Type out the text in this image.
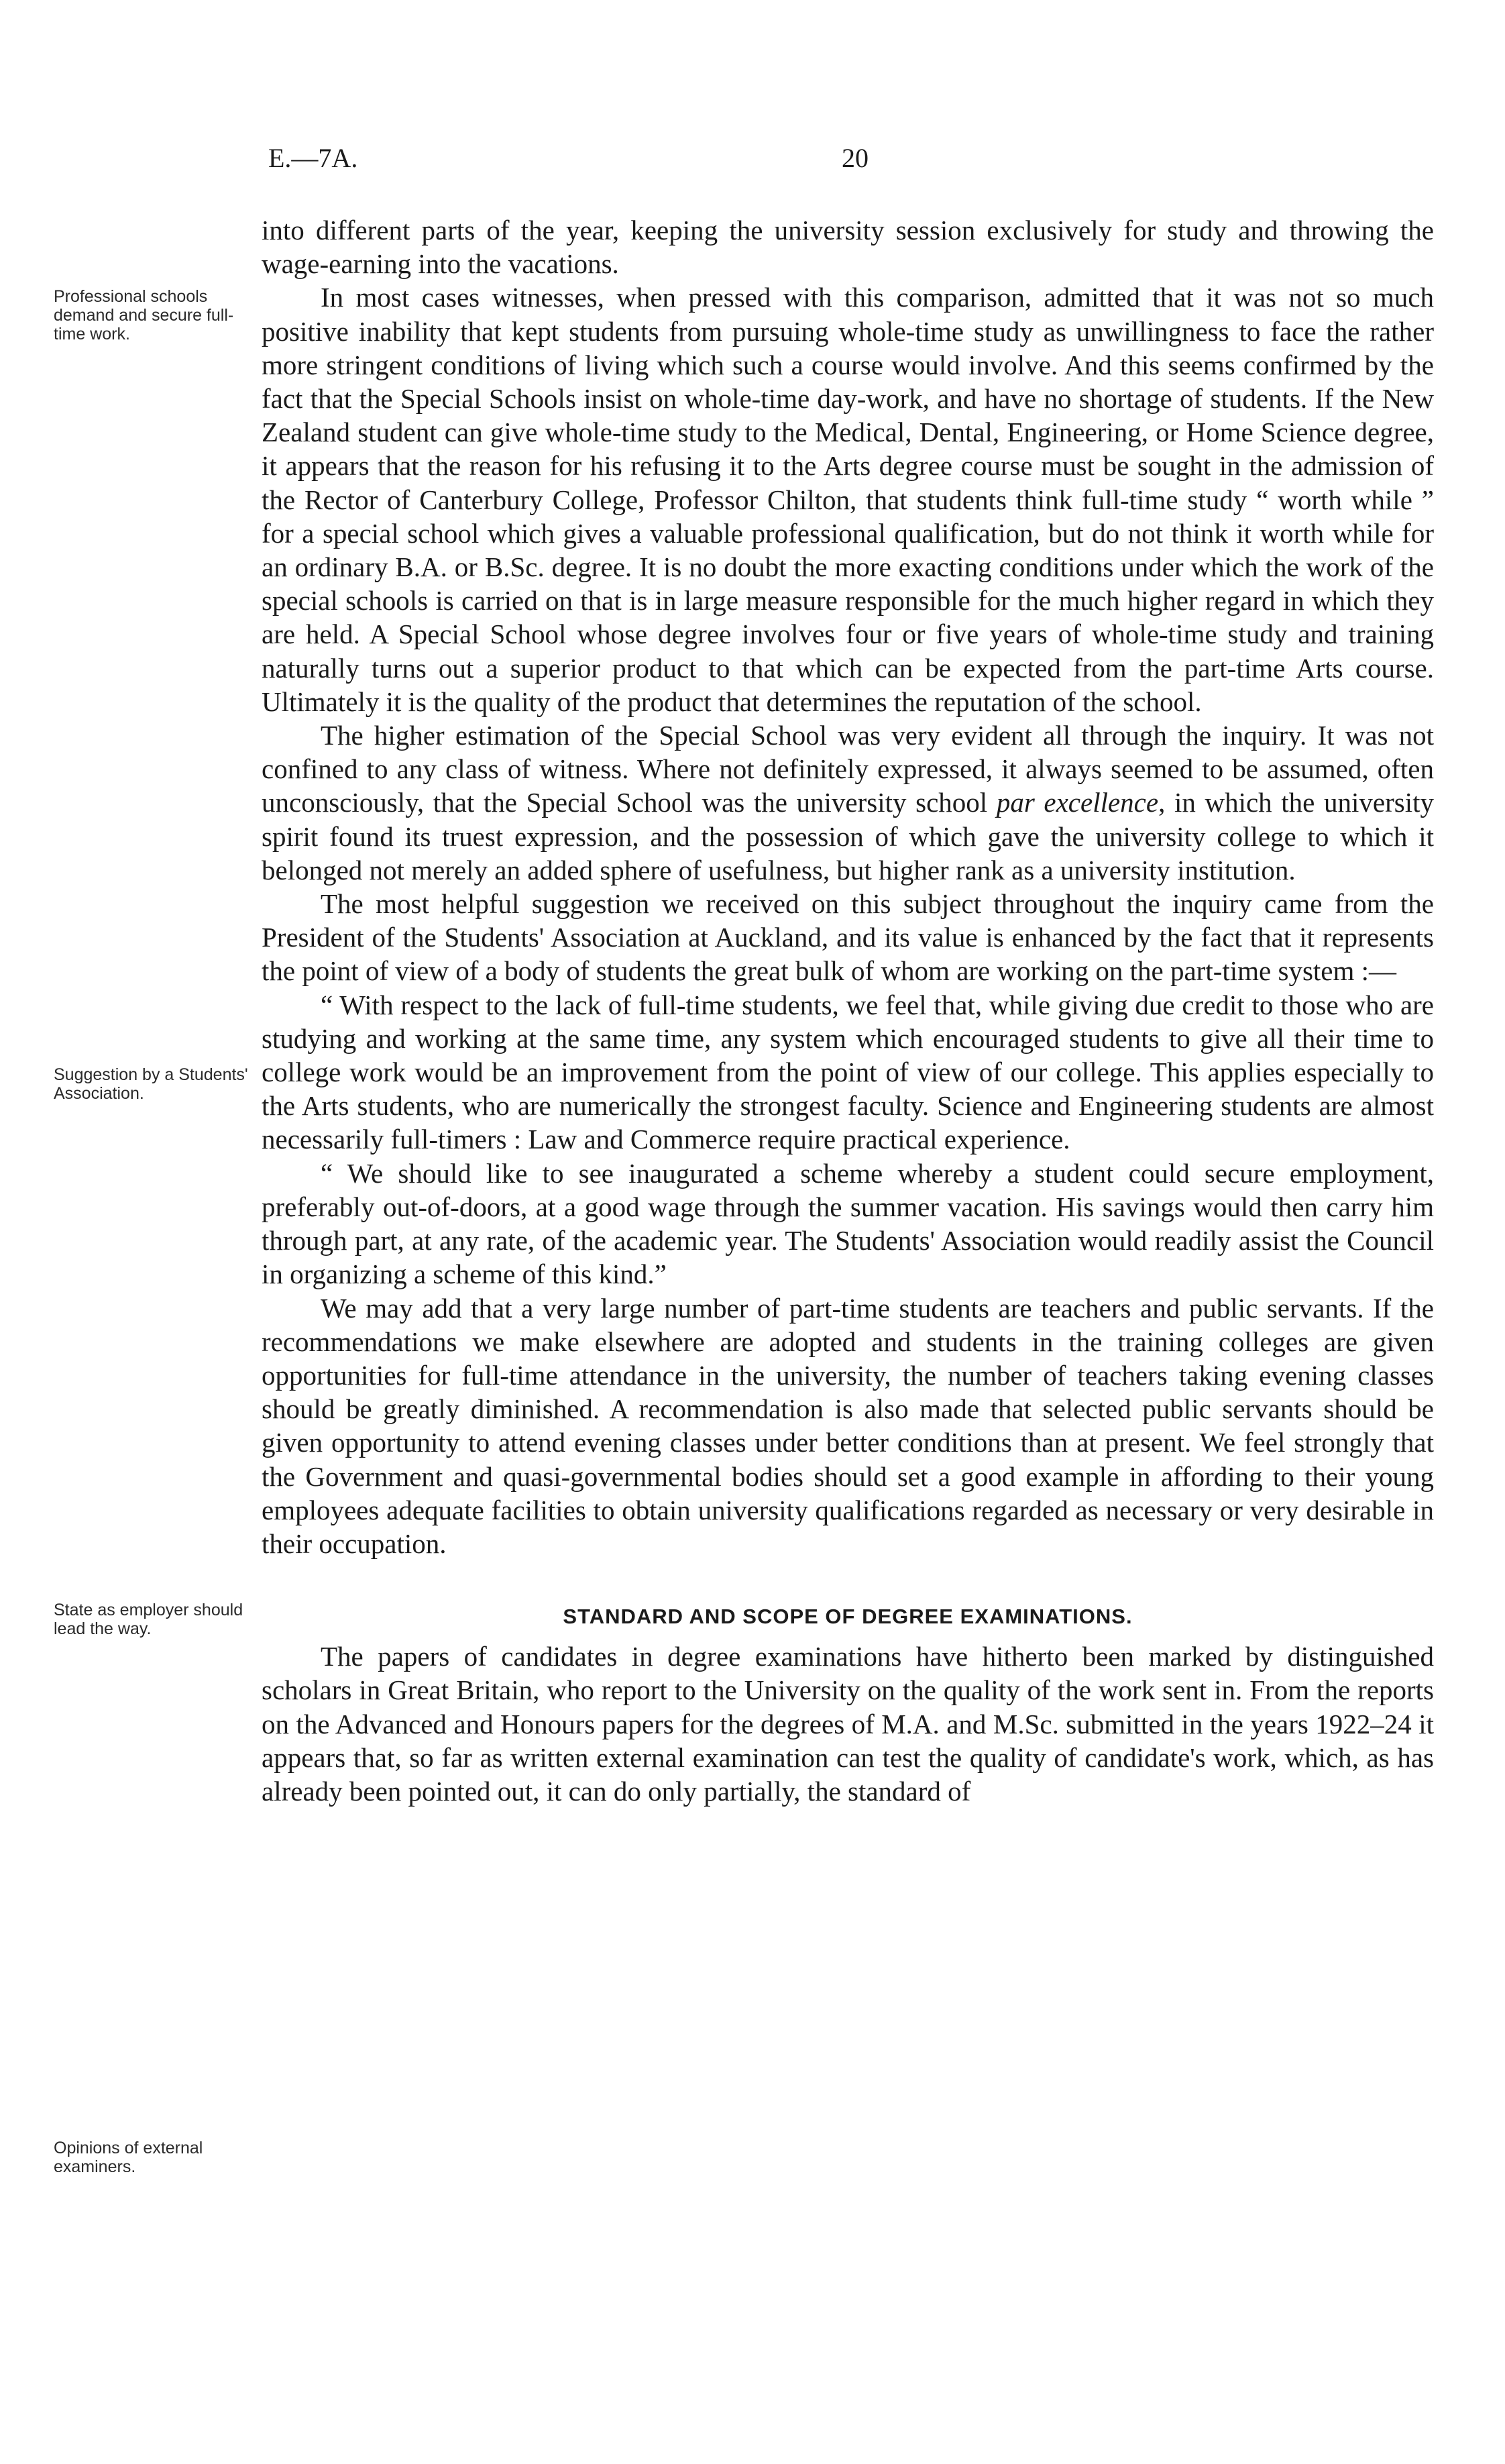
E.—7A.	20
Professional schools demand and secure full-time work.
Suggestion by a Students' Association.
State as employer should lead the way.
Opinions of external examiners.

into different parts of the year, keeping the university session exclusively for study and throwing the wage-earning into the vacations.

In most cases witnesses, when pressed with this comparison, admitted that it was not so much positive inability that kept students from pursuing whole-time study as unwillingness to face the rather more stringent conditions of living which such a course would involve. And this seems confirmed by the fact that the Special Schools insist on whole-time day-work, and have no shortage of students. If the New Zealand student can give whole-time study to the Medical, Dental, Engineering, or Home Science degree, it appears that the reason for his refusing it to the Arts degree course must be sought in the admission of the Rector of Canterbury College, Professor Chilton, that students think full-time study “ worth while ” for a special school which gives a valuable professional qualification, but do not think it worth while for an ordinary B.A. or B.Sc. degree. It is no doubt the more exacting conditions under which the work of the special schools is carried on that is in large measure responsible for the much higher regard in which they are held. A Special School whose degree involves four or five years of whole-time study and training naturally turns out a superior product to that which can be expected from the part-time Arts course. Ultimately it is the quality of the product that determines the reputation of the school.

The higher estimation of the Special School was very evident all through the inquiry. It was not confined to any class of witness. Where not definitely expressed, it always seemed to be assumed, often unconsciously, that the Special School was the university school par excellence, in which the university spirit found its truest expression, and the possession of which gave the university college to which it belonged not merely an added sphere of usefulness, but higher rank as a university institution.

The most helpful suggestion we received on this subject throughout the inquiry came from the President of the Students' Association at Auckland, and its value is enhanced by the fact that it represents the point of view of a body of students the great bulk of whom are working on the part-time system :—

“ With respect to the lack of full-time students, we feel that, while giving due credit to those who are studying and working at the same time, any system which encouraged students to give all their time to college work would be an improvement from the point of view of our college. This applies especially to the Arts students, who are numerically the strongest faculty. Science and Engineering students are almost necessarily full-timers : Law and Commerce require practical experience.

“ We should like to see inaugurated a scheme whereby a student could secure employment, preferably out-of-doors, at a good wage through the summer vacation. His savings would then carry him through part, at any rate, of the academic year. The Students' Association would readily assist the Council in organizing a scheme of this kind.”

We may add that a very large number of part-time students are teachers and public servants. If the recommendations we make elsewhere are adopted and students in the training colleges are given opportunities for full-time attendance in the university, the number of teachers taking evening classes should be greatly diminished. A recommendation is also made that selected public servants should be given opportunity to attend evening classes under better conditions than at present. We feel strongly that the Government and quasi-governmental bodies should set a good example in affording to their young employees adequate facilities to obtain university qualifications regarded as necessary or very desirable in their occupation.

STANDARD AND SCOPE OF DEGREE EXAMINATIONS.

The papers of candidates in degree examinations have hitherto been marked by distinguished scholars in Great Britain, who report to the University on the quality of the work sent in. From the reports on the Advanced and Honours papers for the degrees of M.A. and M.Sc. submitted in the years 1922–24 it appears that, so far as written external examination can test the quality of candidate's work, which, as has already been pointed out, it can do only partially, the standard of
